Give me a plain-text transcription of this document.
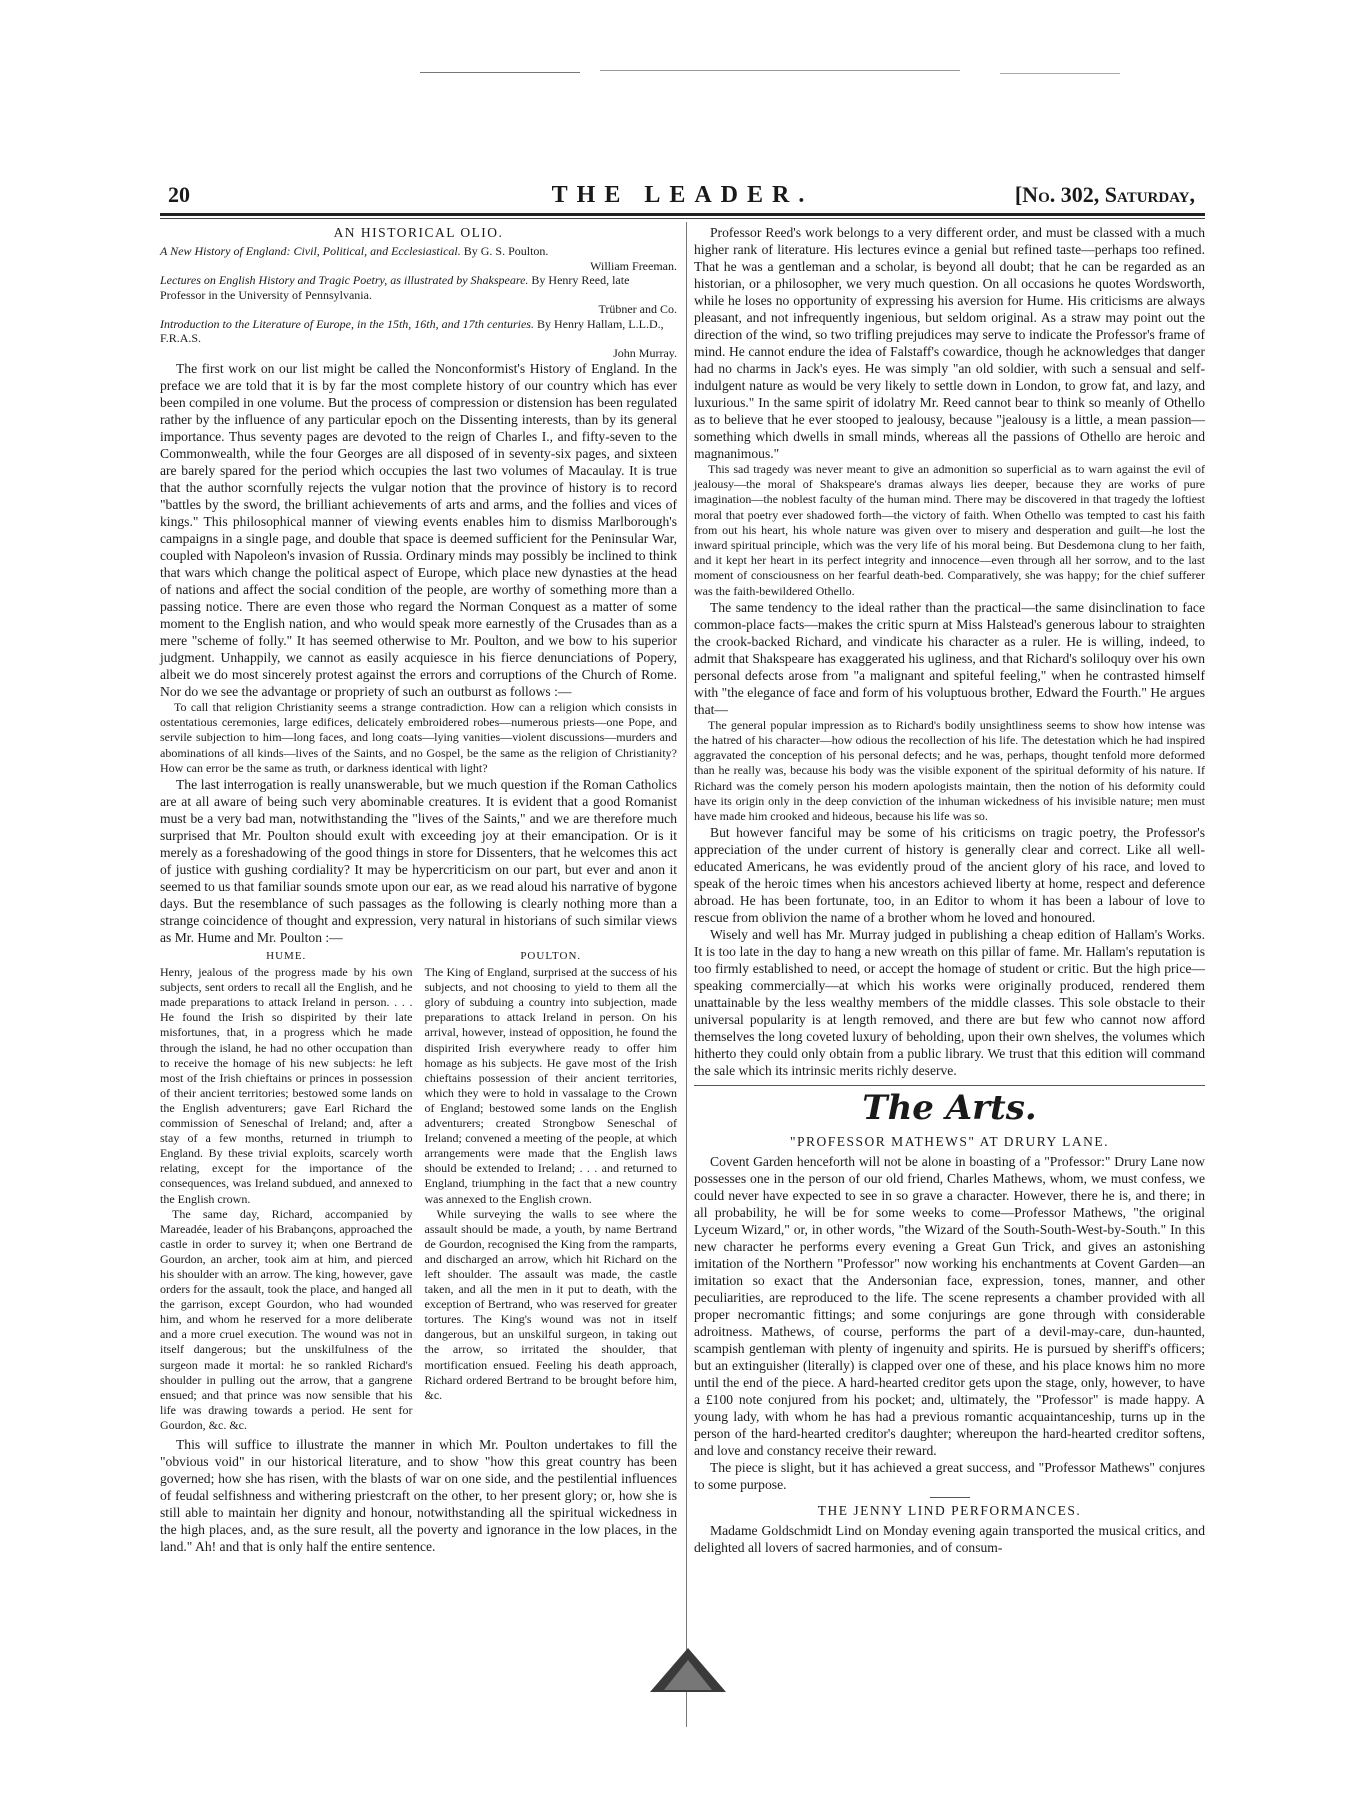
20	THE LEADER.	[No. 302, Saturday,
AN HISTORICAL OLIO.
A New History of England: Civil, Political, and Ecclesiastical. By G. S. Poulton.
William Freeman.
Lectures on English History and Tragic Poetry, as illustrated by Shakspeare. By Henry Reed, late Professor in the University of Pennsylvania.
Trübner and Co.
Introduction to the Literature of Europe, in the 15th, 16th, and 17th centuries. By Henry Hallam, L.L.D., F.R.A.S.
John Murray.

The first work on our list might be called the Nonconformist's History of England. In the preface we are told that it is by far the most complete history of our country which has ever been compiled in one volume. But the process of compression or distension has been regulated rather by the influence of any particular epoch on the Dissenting interests, than by its general importance. Thus seventy pages are devoted to the reign of Charles I., and fifty-seven to the Commonwealth, while the four Georges are all disposed of in seventy-six pages, and sixteen are barely spared for the period which occupies the last two volumes of Macaulay. It is true that the author scornfully rejects the vulgar notion that the province of history is to record "battles by the sword, the brilliant achievements of arts and arms, and the follies and vices of kings." This philosophical manner of viewing events enables him to dismiss Marlborough's campaigns in a single page, and double that space is deemed sufficient for the Peninsular War, coupled with Napoleon's invasion of Russia. Ordinary minds may possibly be inclined to think that wars which change the political aspect of Europe, which place new dynasties at the head of nations and affect the social condition of the people, are worthy of something more than a passing notice. There are even those who regard the Norman Conquest as a matter of some moment to the English nation, and who would speak more earnestly of the Crusades than as a mere "scheme of folly." It has seemed otherwise to Mr. Poulton, and we bow to his superior judgment. Unhappily, we cannot as easily acquiesce in his fierce denunciations of Popery, albeit we do most sincerely protest against the errors and corruptions of the Church of Rome. Nor do we see the advantage or propriety of such an outburst as follows :—

To call that religion Christianity seems a strange contradiction. How can a religion which consists in ostentatious ceremonies, large edifices, delicately embroidered robes—numerous priests—one Pope, and servile subjection to him—long faces, and long coats—lying vanities—violent discussions—murders and abominations of all kinds—lives of the Saints, and no Gospel, be the same as the religion of Christianity? How can error be the same as truth, or darkness identical with light?

The last interrogation is really unanswerable, but we much question if the Roman Catholics are at all aware of being such very abominable creatures. It is evident that a good Romanist must be a very bad man, notwithstanding the "lives of the Saints," and we are therefore much surprised that Mr. Poulton should exult with exceeding joy at their emancipation. Or is it merely as a foreshadowing of the good things in store for Dissenters, that he welcomes this act of justice with gushing cordiality? It may be hypercriticism on our part, but ever and anon it seemed to us that familiar sounds smote upon our ear, as we read aloud his narrative of bygone days. But the resemblance of such passages as the following is clearly nothing more than a strange coincidence of thought and expression, very natural in historians of such similar views as Mr. Hume and Mr. Poulton :—

HUME.

Henry, jealous of the progress made by his own subjects, sent orders to recall all the English, and he made preparations to attack Ireland in person. . . . He found the Irish so dispirited by their late misfortunes, that, in a progress which he made through the island, he had no other occupation than to receive the homage of his new subjects: he left most of the Irish chieftains or princes in possession of their ancient territories; bestowed some lands on the English adventurers; gave Earl Richard the commission of Seneschal of Ireland; and, after a stay of a few months, returned in triumph to England. By these trivial exploits, scarcely worth relating, except for the importance of the consequences, was Ireland subdued, and annexed to the English crown.

The same day, Richard, accompanied by Mareadée, leader of his Brabançons, approached the castle in order to survey it; when one Bertrand de Gourdon, an archer, took aim at him, and pierced his shoulder with an arrow. The king, however, gave orders for the assault, took the place, and hanged all the garrison, except Gourdon, who had wounded him, and whom he reserved for a more deliberate and a more cruel execution. The wound was not in itself dangerous; but the unskilfulness of the surgeon made it mortal: he so rankled Richard's shoulder in pulling out the arrow, that a gangrene ensued; and that prince was now sensible that his life was drawing towards a period. He sent for Gourdon, &c. &c.

POULTON.

The King of England, surprised at the success of his subjects, and not choosing to yield to them all the glory of subduing a country into subjection, made preparations to attack Ireland in person. On his arrival, however, instead of opposition, he found the dispirited Irish everywhere ready to offer him homage as his subjects. He gave most of the Irish chieftains possession of their ancient territories, which they were to hold in vassalage to the Crown of England; bestowed some lands on the English adventurers; created Strongbow Seneschal of Ireland; convened a meeting of the people, at which arrangements were made that the English laws should be extended to Ireland; . . . and returned to England, triumphing in the fact that a new country was annexed to the English crown.

While surveying the walls to see where the assault should be made, a youth, by name Bertrand de Gourdon, recognised the King from the ramparts, and discharged an arrow, which hit Richard on the left shoulder. The assault was made, the castle taken, and all the men in it put to death, with the exception of Bertrand, who was reserved for greater tortures. The King's wound was not in itself dangerous, but an unskilful surgeon, in taking out the arrow, so irritated the shoulder, that mortification ensued. Feeling his death approach, Richard ordered Bertrand to be brought before him, &c.

This will suffice to illustrate the manner in which Mr. Poulton undertakes to fill the "obvious void" in our historical literature, and to show "how this great country has been governed; how she has risen, with the blasts of war on one side, and the pestilential influences of feudal selfishness and withering priestcraft on the other, to her present glory; or, how she is still able to maintain her dignity and honour, notwithstanding all the spiritual wickedness in the high places, and, as the sure result, all the poverty and ignorance in the low places, in the land." Ah! and that is only half the entire sentence.

Professor Reed's work belongs to a very different order, and must be classed with a much higher rank of literature. His lectures evince a genial but refined taste—perhaps too refined. That he was a gentleman and a scholar, is beyond all doubt; that he can be regarded as an historian, or a philosopher, we very much question. On all occasions he quotes Wordsworth, while he loses no opportunity of expressing his aversion for Hume. His criticisms are always pleasant, and not infrequently ingenious, but seldom original. As a straw may point out the direction of the wind, so two trifling prejudices may serve to indicate the Professor's frame of mind. He cannot endure the idea of Falstaff's cowardice, though he acknowledges that danger had no charms in Jack's eyes. He was simply "an old soldier, with such a sensual and self-indulgent nature as would be very likely to settle down in London, to grow fat, and lazy, and luxurious." In the same spirit of idolatry Mr. Reed cannot bear to think so meanly of Othello as to believe that he ever stooped to jealousy, because "jealousy is a little, a mean passion—something which dwells in small minds, whereas all the passions of Othello are heroic and magnanimous."

This sad tragedy was never meant to give an admonition so superficial as to warn against the evil of jealousy—the moral of Shakspeare's dramas always lies deeper, because they are works of pure imagination—the noblest faculty of the human mind. There may be discovered in that tragedy the loftiest moral that poetry ever shadowed forth—the victory of faith. When Othello was tempted to cast his faith from out his heart, his whole nature was given over to misery and desperation and guilt—he lost the inward spiritual principle, which was the very life of his moral being. But Desdemona clung to her faith, and it kept her heart in its perfect integrity and innocence—even through all her sorrow, and to the last moment of consciousness on her fearful death-bed. Comparatively, she was happy; for the chief sufferer was the faith-bewildered Othello.

The same tendency to the ideal rather than the practical—the same disinclination to face common-place facts—makes the critic spurn at Miss Halstead's generous labour to straighten the crook-backed Richard, and vindicate his character as a ruler. He is willing, indeed, to admit that Shakspeare has exaggerated his ugliness, and that Richard's soliloquy over his own personal defects arose from "a malignant and spiteful feeling," when he contrasted himself with "the elegance of face and form of his voluptuous brother, Edward the Fourth." He argues that—

The general popular impression as to Richard's bodily unsightliness seems to show how intense was the hatred of his character—how odious the recollection of his life. The detestation which he had inspired aggravated the conception of his personal defects; and he was, perhaps, thought tenfold more deformed than he really was, because his body was the visible exponent of the spiritual deformity of his nature. If Richard was the comely person his modern apologists maintain, then the notion of his deformity could have its origin only in the deep conviction of the inhuman wickedness of his invisible nature; men must have made him crooked and hideous, because his life was so.

But however fanciful may be some of his criticisms on tragic poetry, the Professor's appreciation of the under current of history is generally clear and correct. Like all well-educated Americans, he was evidently proud of the ancient glory of his race, and loved to speak of the heroic times when his ancestors achieved liberty at home, respect and deference abroad. He has been fortunate, too, in an Editor to whom it has been a labour of love to rescue from oblivion the name of a brother whom he loved and honoured.

Wisely and well has Mr. Murray judged in publishing a cheap edition of Hallam's Works. It is too late in the day to hang a new wreath on this pillar of fame. Mr. Hallam's reputation is too firmly established to need, or accept the homage of student or critic. But the high price—speaking commercially—at which his works were originally produced, rendered them unattainable by the less wealthy members of the middle classes. This sole obstacle to their universal popularity is at length removed, and there are but few who cannot now afford themselves the long coveted luxury of beholding, upon their own shelves, the volumes which hitherto they could only obtain from a public library. We trust that this edition will command the sale which its intrinsic merits richly deserve.

The Arts.
"PROFESSOR MATHEWS" AT DRURY LANE.

Covent Garden henceforth will not be alone in boasting of a "Professor:" Drury Lane now possesses one in the person of our old friend, Charles Mathews, whom, we must confess, we could never have expected to see in so grave a character. However, there he is, and there; in all probability, he will be for some weeks to come—Professor Mathews, "the original Lyceum Wizard," or, in other words, "the Wizard of the South-South-West-by-South." In this new character he performs every evening a Great Gun Trick, and gives an astonishing imitation of the Northern "Professor" now working his enchantments at Covent Garden—an imitation so exact that the Andersonian face, expression, tones, manner, and other peculiarities, are reproduced to the life. The scene represents a chamber provided with all proper necromantic fittings; and some conjurings are gone through with considerable adroitness. Mathews, of course, performs the part of a devil-may-care, dun-haunted, scampish gentleman with plenty of ingenuity and spirits. He is pursued by sheriff's officers; but an extinguisher (literally) is clapped over one of these, and his place knows him no more until the end of the piece. A hard-hearted creditor gets upon the stage, only, however, to have a £100 note conjured from his pocket; and, ultimately, the "Professor" is made happy. A young lady, with whom he has had a previous romantic acquaintanceship, turns up in the person of the hard-hearted creditor's daughter; whereupon the hard-hearted creditor softens, and love and constancy receive their reward.

The piece is slight, but it has achieved a great success, and "Professor Mathews" conjures to some purpose.

THE JENNY LIND PERFORMANCES.

Madame Goldschmidt Lind on Monday evening again transported the musical critics, and delighted all lovers of sacred harmonies, and of consum-
